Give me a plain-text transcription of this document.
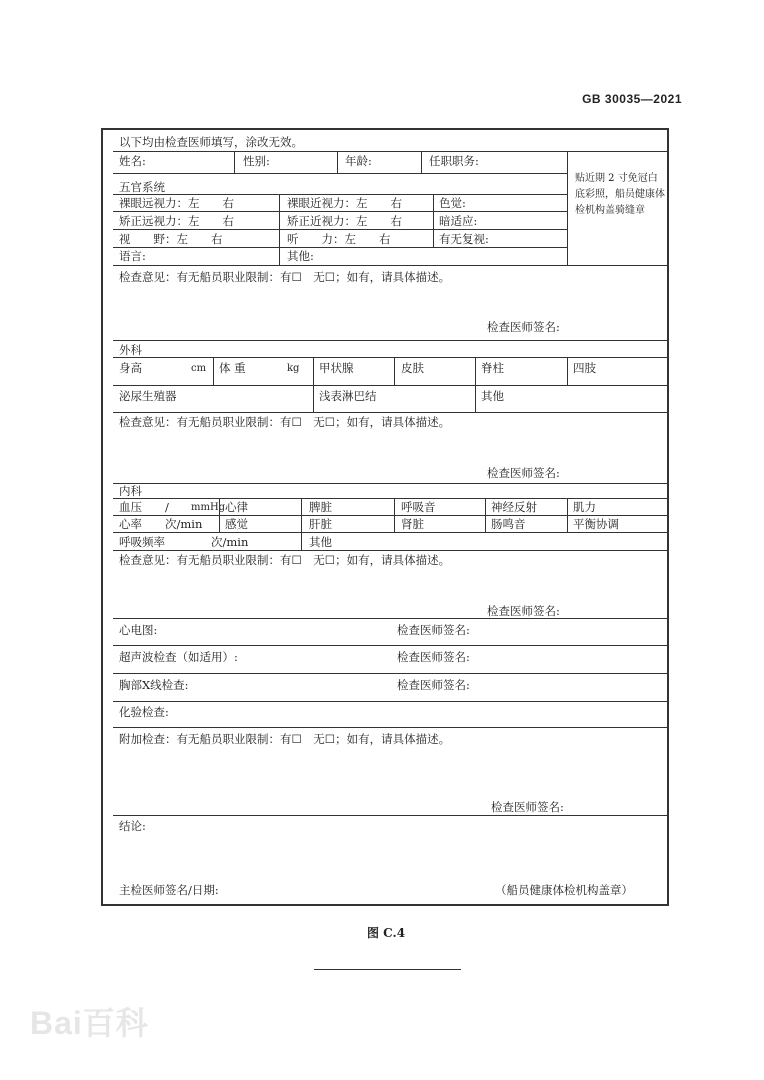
GB 30035—2021
以下均由检查医师填写，涂改无效。
姓名:	性别:	年龄:	任职职务:
贴近期 2 寸免冠白
底彩照，船员健康体
检机构盖骑缝章
五官系统
裸眼远视力：左　　右	裸眼近视力：左　　右	色觉:
矫正远视力：左　　右	矫正近视力：左　　右	暗适应:
视　　野：左　　右	听　　力：左　　右	有无复视:
语言:	其他:
检查意见：有无船员职业限制：有☐　无☐；如有，请具体描述。
检查医师签名:
外科
身高	cm 体 重	kg 甲状腺	皮肤	脊柱	四肢
泌尿生殖器	浅表淋巴结	其他
检查意见：有无船员职业限制：有☐　无☐；如有，请具体描述。
检查医师签名:
内科
血压　　/ mmHg 心律	脾脏	呼吸音	神经反射	肌力
心率　　次/min 感觉	肝脏	肾脏	肠鸣音	平衡协调
呼吸频率　　　　次/min	其他
检查意见：有无船员职业限制：有☐　无☐；如有，请具体描述。
检查医师签名:
心电图:	检查医师签名:
超声波检查（如适用）:	检查医师签名:
胸部X线检查:	检查医师签名:
化验检查:
附加检查：有无船员职业限制：有☐　无☐；如有，请具体描述。
检查医师签名:
结论:
主检医师签名/日期:	（船员健康体检机构盖章）
图 C.4
Bai百科
